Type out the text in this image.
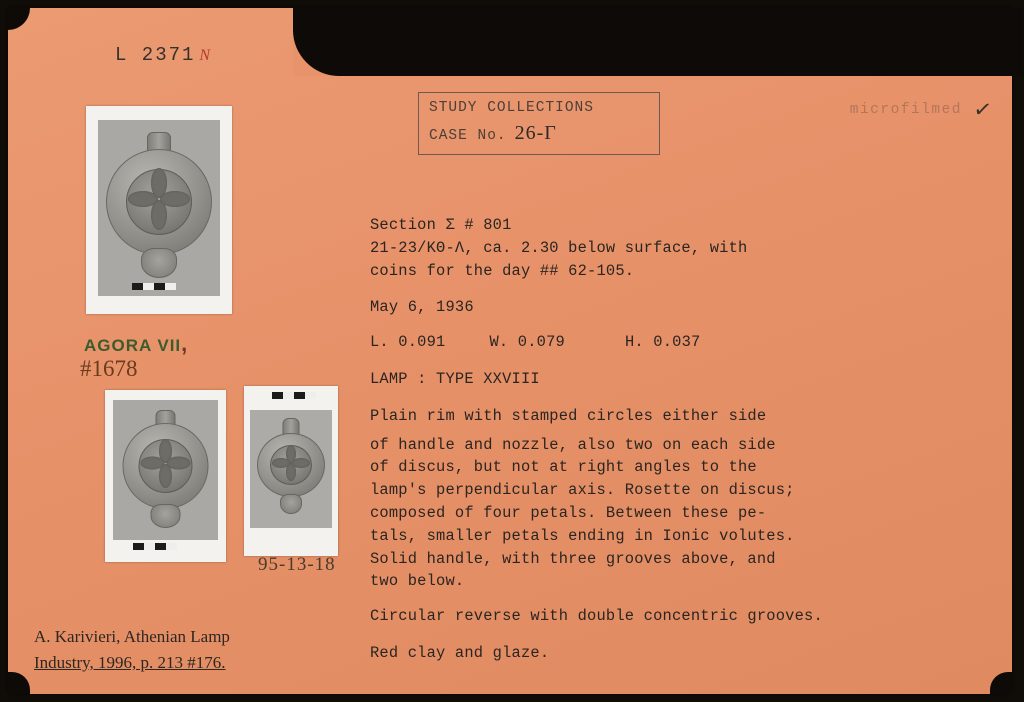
L 2371 N
STUDY COLLECTIONS
CASE No. 26-Γ
microfilmed ✓
AGORA VII,
#1678
95-13-18
A. Karivieri, Athenian Lamp
Industry, 1996, p. 213 #176.
Section Σ # 801
21-23/KΘ-Λ, ca. 2.30 below surface, with
coins for the day ## 62-105.
May 6, 1936
L. 0.091	W. 0.079	H. 0.037
LAMP : TYPE XXVIII
Plain rim with stamped circles either side
of handle and nozzle, also two on each side
of discus, but not at right angles to the
lamp's perpendicular axis. Rosette on discus;
composed of four petals. Between these pe-
tals, smaller petals ending in Ionic volutes.
Solid handle, with three grooves above, and
two below.
Circular reverse with double concentric grooves.
Red clay and glaze.
